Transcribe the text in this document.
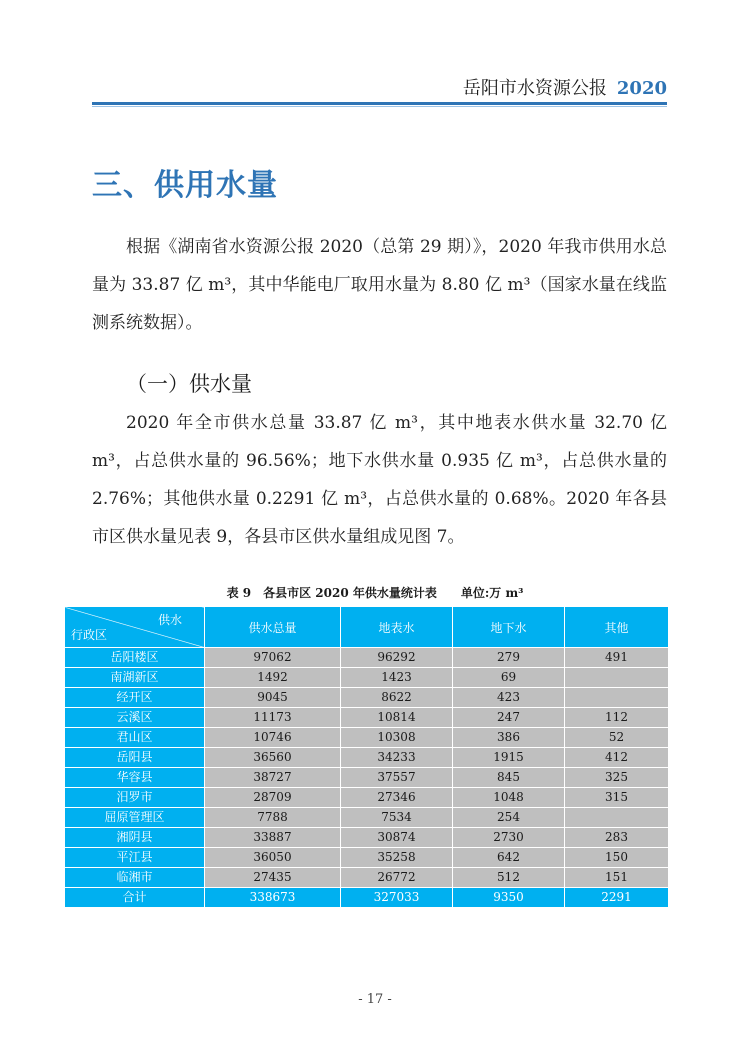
岳阳市水资源公报 2020
三、供用水量

根据《湖南省水资源公报 2020（总第 29 期）》，2020 年我市供用水总量为 33.87 亿 m³，其中华能电厂取用水量为 8.80 亿 m³（国家水量在线监测系统数据）。

（一）供水量

2020 年全市供水总量 33.87 亿 m³，其中地表水供水量 32.70 亿 m³，占总供水量的 96.56%；地下水供水量 0.935 亿 m³，占总供水量的 2.76%；其他供水量 0.2291 亿 m³，占总供水量的 0.68%。2020 年各县市区供水量见表 9，各县市区供水量组成见图 7。

表 9　各县市区 2020 年供水量统计表 单位:万 m³
供水
行政区	供水总量	地表水	地下水	其他
岳阳楼区	97062	96292	279	491
南湖新区	1492	1423	69	
经开区	9045	8622	423	
云溪区	11173	10814	247	112
君山区	10746	10308	386	52
岳阳县	36560	34233	1915	412
华容县	38727	37557	845	325
汨罗市	28709	27346	1048	315
屈原管理区	7788	7534	254	
湘阴县	33887	30874	2730	283
平江县	36050	35258	642	150
临湘市	27435	26772	512	151
合计	338673	327033	9350	2291
- 17 -
